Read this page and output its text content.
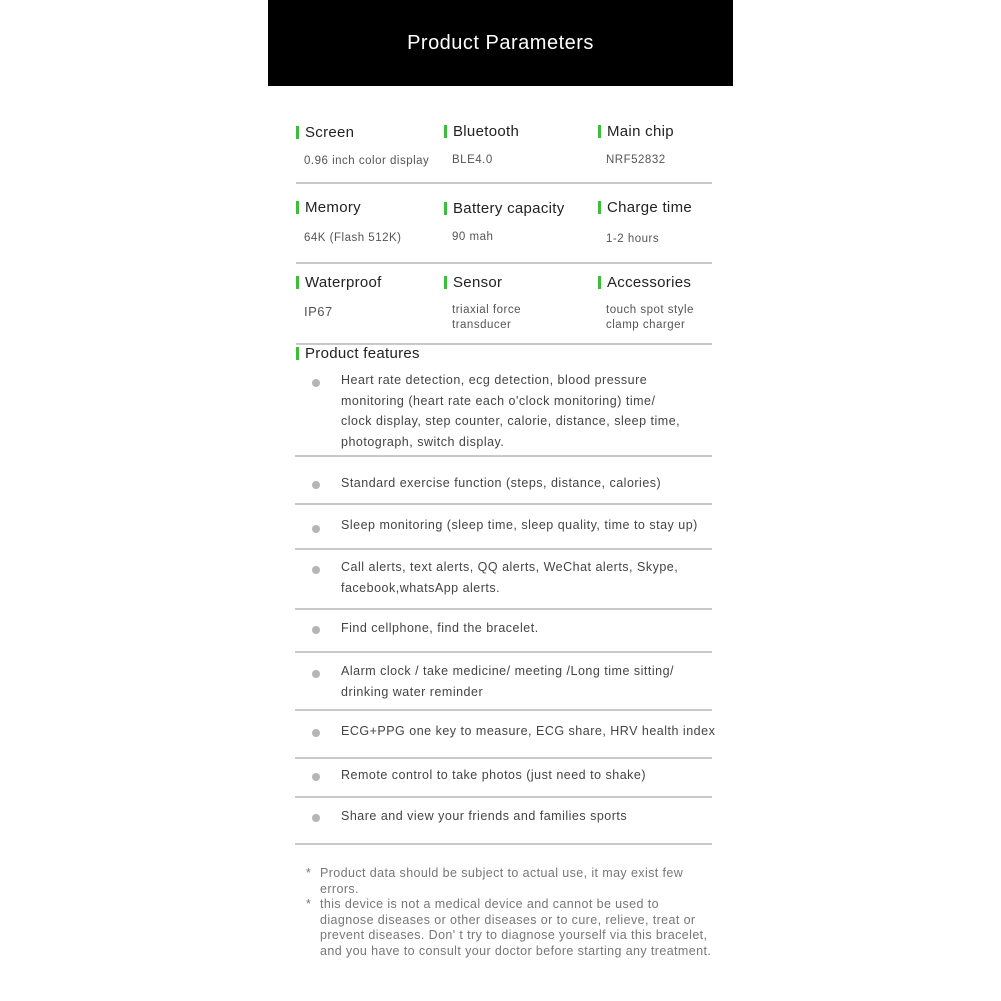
Product Parameters
Screen
0.96 inch color display
Bluetooth
BLE4.0
Main chip
NRF52832
Memory
64K (Flash 512K)
Battery capacity
90 mah
Charge time
1-2 hours
Waterproof
IP67
Sensor
triaxial force
transducer
Accessories
touch spot style
clamp charger
Product features
Heart rate detection, ecg detection, blood pressure
monitoring (heart rate each o'clock monitoring) time/
clock display, step counter, calorie, distance, sleep time,
photograph, switch display.
Standard exercise function (steps, distance, calories)
Sleep monitoring (sleep time, sleep quality, time to stay up)
Call alerts, text alerts, QQ alerts, WeChat alerts, Skype,
facebook,whatsApp alerts.
Find cellphone, find the bracelet.
Alarm clock / take medicine/ meeting /Long time sitting/
drinking water reminder
ECG+PPG one key to measure, ECG share, HRV health index
Remote control to take photos (just need to shake)
Share and view your friends and families sports
* Product data should be subject to actual use, it may exist few errors.
* this device is not a medical device and cannot be used to diagnose diseases or other diseases or to cure, relieve, treat or prevent diseases. Don' t try to diagnose yourself via this bracelet, and you have to consult your doctor before starting any treatment.
